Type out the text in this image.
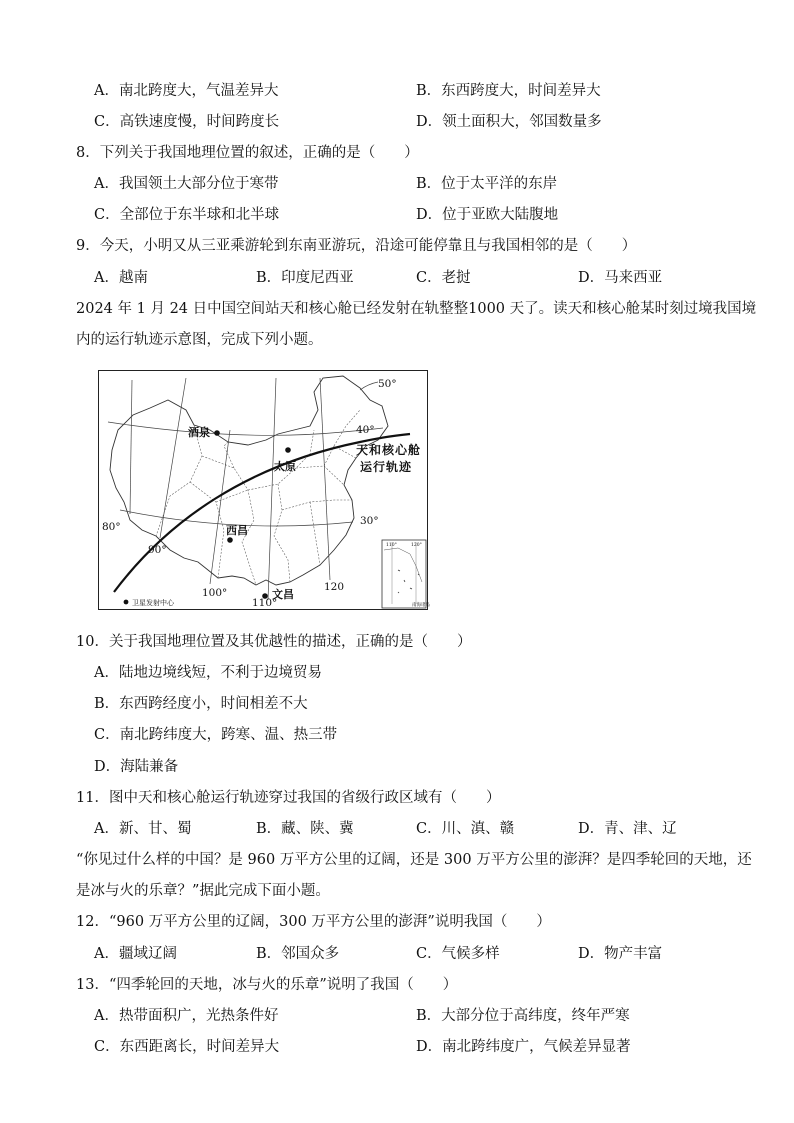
A．南北跨度大，气温差异大	B．东西跨度大，时间差异大
C．高铁速度慢，时间跨度长	D．领土面积大，邻国数量多
8．下列关于我国地理位置的叙述，正确的是（　　）
A．我国领土大部分位于寒带	B．位于太平洋的东岸
C．全部位于东半球和北半球	D．位于亚欧大陆腹地
9．今天，小明又从三亚乘游轮到东南亚游玩，沿途可能停靠且与我国相邻的是（　　）
A．越南	B．印度尼西亚	C．老挝	D．马来西亚
2024 年 1 月 24 日中国空间站天和核心舱已经发射在轨整整1000 天了。读天和核心舱某时刻过境我国境
内的运行轨迹示意图，完成下列小题。
50°
40°
30°
80°
90°
100°
110°
120
酒泉
太原
西昌
文昌
天和核心舱
运行轨迹
卫星发射中心
110°	120°
南海诸岛
10．关于我国地理位置及其优越性的描述，正确的是（　　）
A．陆地边境线短，不利于边境贸易
B．东西跨经度小，时间相差不大
C．南北跨纬度大，跨寒、温、热三带
D．海陆兼备
11．图中天和核心舱运行轨迹穿过我国的省级行政区域有（　　）
A．新、甘、蜀	B．藏、陕、冀	C．川、滇、赣	D．青、津、辽
“你见过什么样的中国？是 960 万平方公里的辽阔，还是 300 万平方公里的澎湃？是四季轮回的天地，还
是冰与火的乐章？”据此完成下面小题。
12．“960 万平方公里的辽阔，300 万平方公里的澎湃”说明我国（　　）
A．疆域辽阔	B．邻国众多	C．气候多样	D．物产丰富
13．“四季轮回的天地，冰与火的乐章”说明了我国（　　）
A．热带面积广，光热条件好	B．大部分位于高纬度，终年严寒
C．东西距离长，时间差异大	D．南北跨纬度广，气候差异显著
